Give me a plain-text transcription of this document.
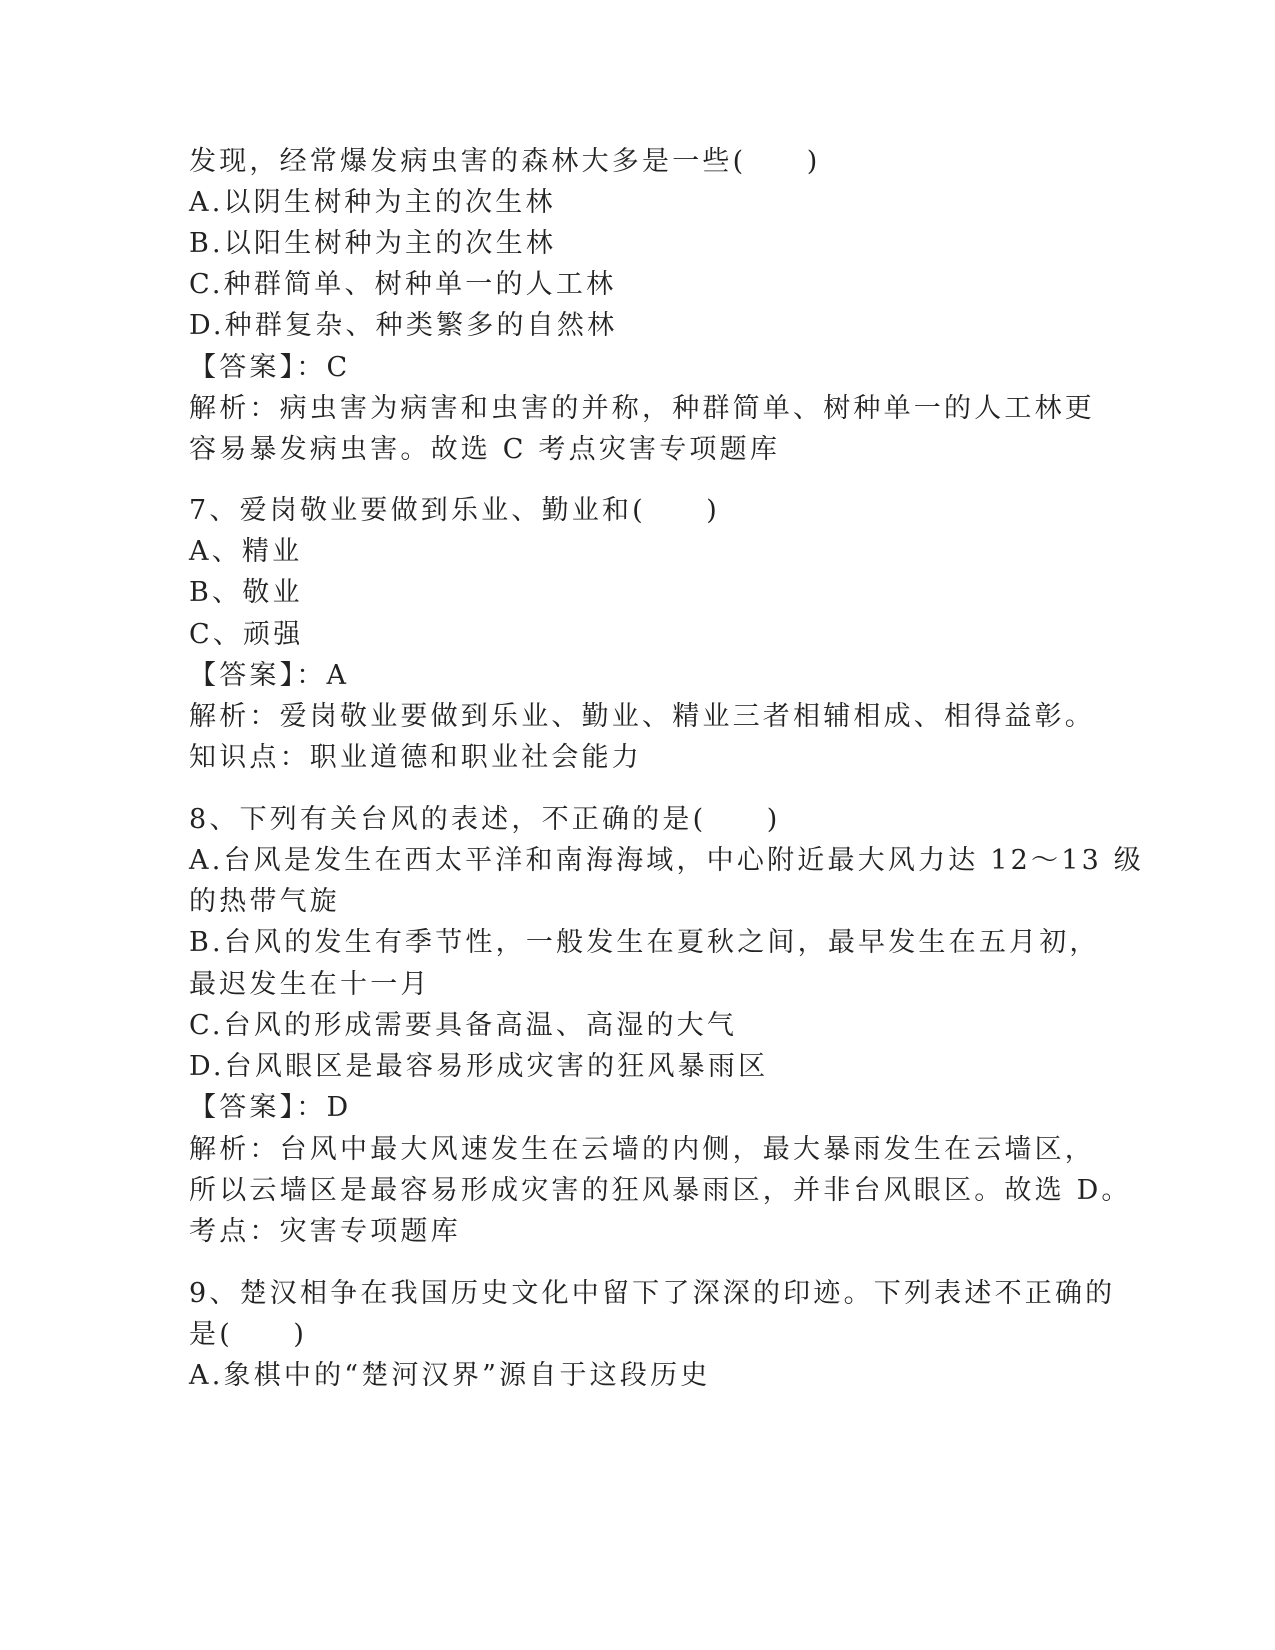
发现，经常爆发病虫害的森林大多是一些(　　)
A.以阴生树种为主的次生林
B.以阳生树种为主的次生林
C.种群简单、树种单一的人工林
D.种群复杂、种类繁多的自然林
【答案】：C
解析：病虫害为病害和虫害的并称，种群简单、树种单一的人工林更
容易暴发病虫害。故选 C 考点灾害专项题库
7、爱岗敬业要做到乐业、勤业和(　　)
A、精业
B、敬业
C、顽强
【答案】：A
解析：爱岗敬业要做到乐业、勤业、精业三者相辅相成、相得益彰。
知识点：职业道德和职业社会能力
8、下列有关台风的表述，不正确的是(　　)
A.台风是发生在西太平洋和南海海域，中心附近最大风力达 12～13 级
的热带气旋
B.台风的发生有季节性，一般发生在夏秋之间，最早发生在五月初，
最迟发生在十一月
C.台风的形成需要具备高温、高湿的大气
D.台风眼区是最容易形成灾害的狂风暴雨区
【答案】：D
解析：台风中最大风速发生在云墙的内侧，最大暴雨发生在云墙区，
所以云墙区是最容易形成灾害的狂风暴雨区，并非台风眼区。故选 D。
考点：灾害专项题库
9、楚汉相争在我国历史文化中留下了深深的印迹。下列表述不正确的
是(　　)
A.象棋中的“楚河汉界”源自于这段历史
